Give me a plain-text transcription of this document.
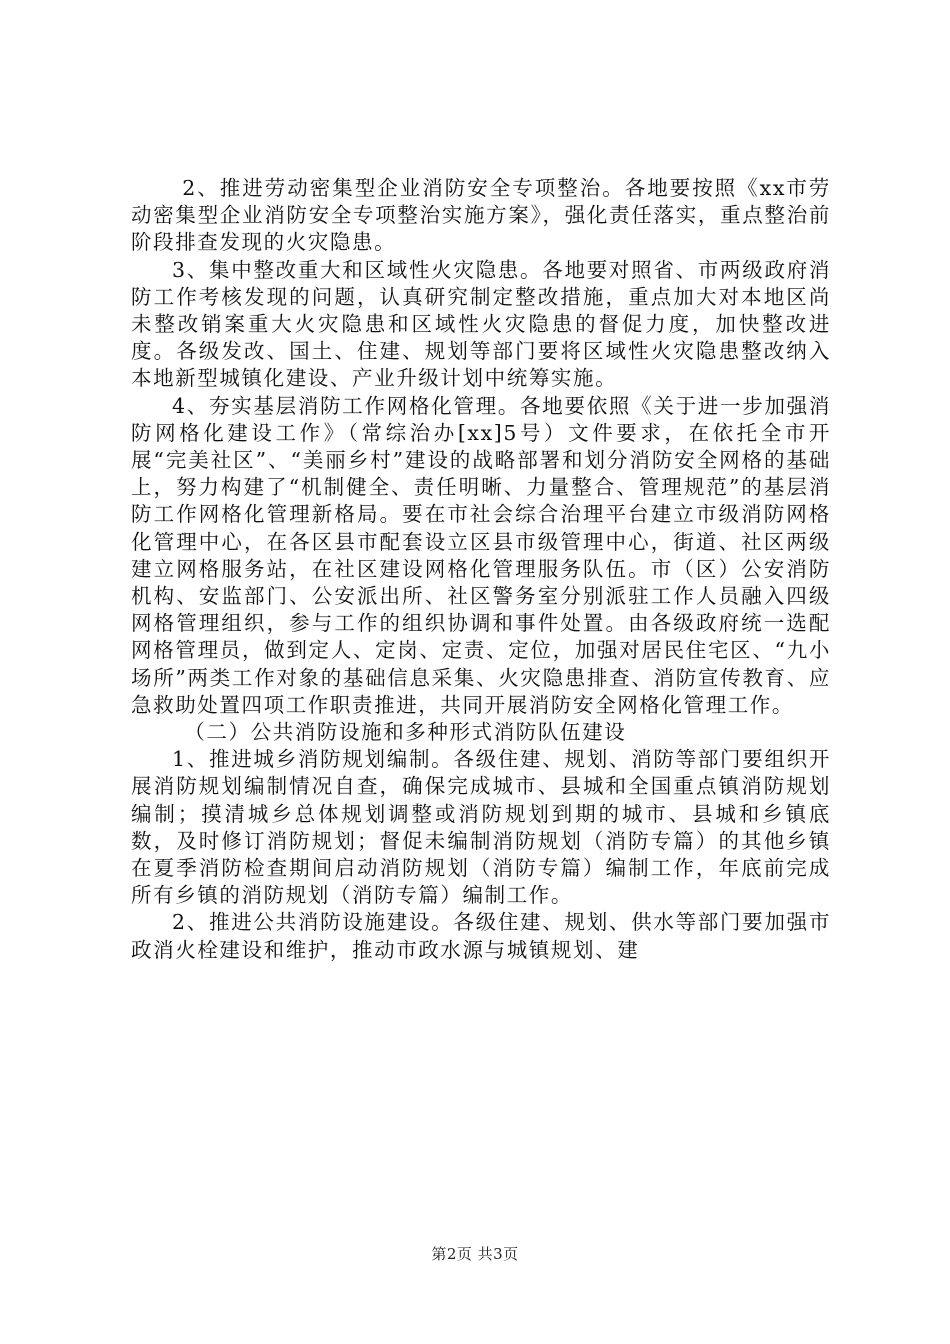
2、推进劳动密集型企业消防安全专项整治。各地要按照《xx市劳动密集型企业消防安全专项整治实施方案》，强化责任落实，重点整治前阶段排查发现的火灾隐患。

3、集中整改重大和区域性火灾隐患。各地要对照省、市两级政府消防工作考核发现的问题，认真研究制定整改措施，重点加大对本地区尚未整改销案重大火灾隐患和区域性火灾隐患的督促力度，加快整改进度。各级发改、国土、住建、规划等部门要将区域性火灾隐患整改纳入本地新型城镇化建设、产业升级计划中统筹实施。

4、夯实基层消防工作网格化管理。各地要依照《关于进一步加强消防网格化建设工作》（常综治办[xx]5号）文件要求，在依托全市开展“完美社区”、“美丽乡村”建设的战略部署和划分消防安全网格的基础上，努力构建了“机制健全、责任明晰、力量整合、管理规范”的基层消防工作网格化管理新格局。要在市社会综合治理平台建立市级消防网格化管理中心，在各区县市配套设立区县市级管理中心，街道、社区两级建立网格服务站，在社区建设网格化管理服务队伍。市（区）公安消防机构、安监部门、公安派出所、社区警务室分别派驻工作人员融入四级网格管理组织，参与工作的组织协调和事件处置。由各级政府统一选配网格管理员，做到定人、定岗、定责、定位，加强对居民住宅区、“九小场所”两类工作对象的基础信息采集、火灾隐患排查、消防宣传教育、应急救助处置四项工作职责推进，共同开展消防安全网格化管理工作。

（二）公共消防设施和多种形式消防队伍建设

1、推进城乡消防规划编制。各级住建、规划、消防等部门要组织开展消防规划编制情况自查，确保完成城市、县城和全国重点镇消防规划编制；摸清城乡总体规划调整或消防规划到期的城市、县城和乡镇底数，及时修订消防规划；督促未编制消防规划（消防专篇）的其他乡镇在夏季消防检查期间启动消防规划（消防专篇）编制工作，年底前完成所有乡镇的消防规划（消防专篇）编制工作。

2、推进公共消防设施建设。各级住建、规划、供水等部门要加强市政消火栓建设和维护，推动市政水源与城镇规划、建

第2页 共3页
